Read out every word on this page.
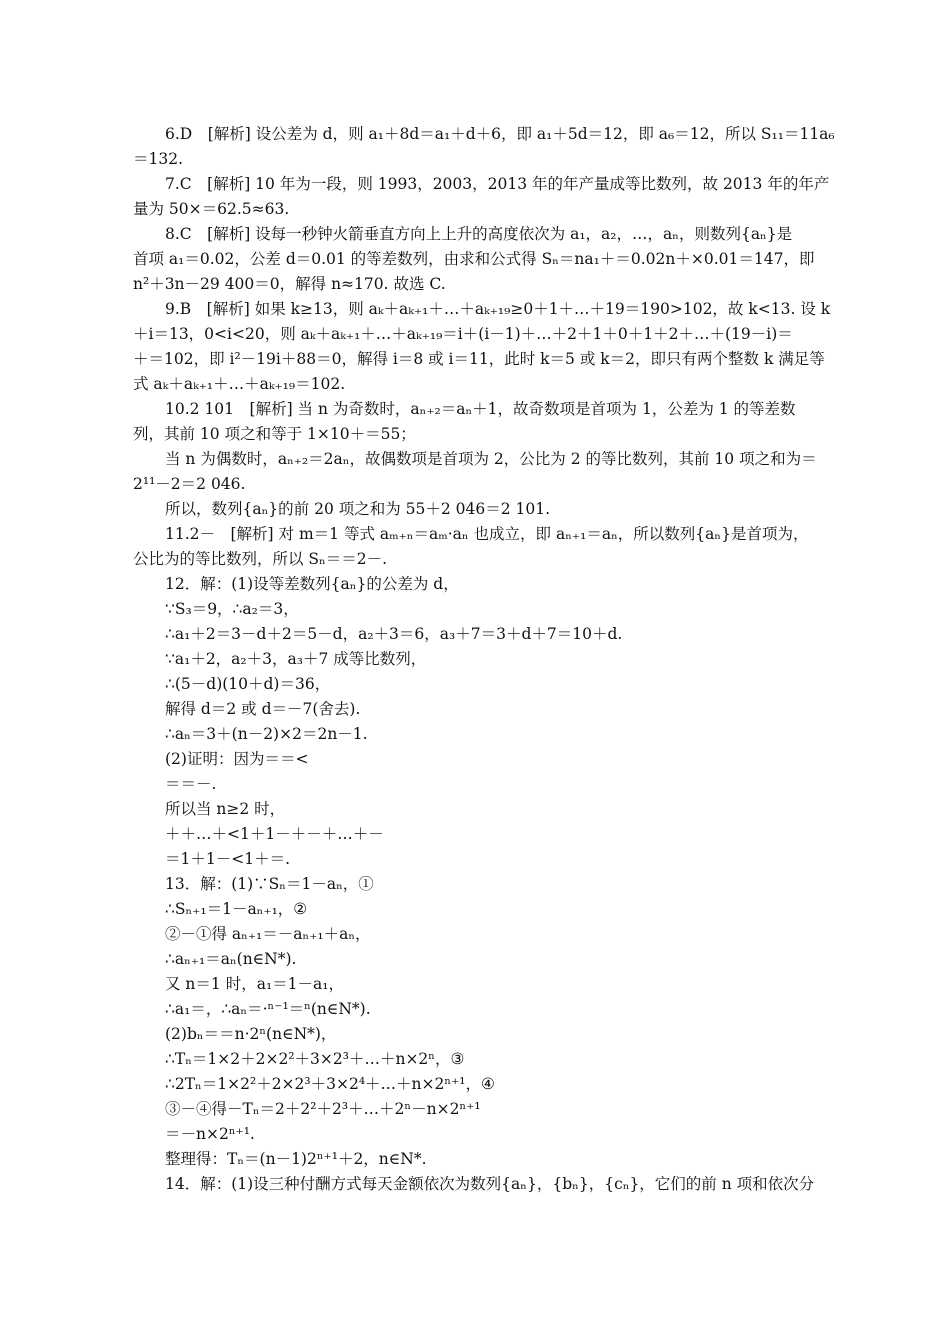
6.D　[解析] 设公差为 d，则 a₁＋8d＝a₁＋d＋6，即 a₁＋5d＝12，即 a₆＝12，所以 S₁₁＝11a₆
＝132.
7.C　[解析] 10 年为一段，则 1993，2003，2013 年的年产量成等比数列，故 2013 年的年产
量为 50×＝62.5≈63.
8.C　[解析] 设每一秒钟火箭垂直方向上上升的高度依次为 a₁，a₂，…，aₙ，则数列{aₙ}是
首项 a₁＝0.02，公差 d＝0.01 的等差数列，由求和公式得 Sₙ＝na₁＋＝0.02n＋×0.01＝147，即
n²＋3n－29 400＝0，解得 n≈170. 故选 C.
9.B　[解析] 如果 k≥13，则 aₖ＋aₖ₊₁＋…＋aₖ₊₁₉≥0＋1＋…＋19＝190>102，故 k<13. 设 k
＋i＝13，0<i<20，则 aₖ＋aₖ₊₁＋…＋aₖ₊₁₉＝i＋(i－1)＋…＋2＋1＋0＋1＋2＋…＋(19－i)＝
＋＝102，即 i²－19i＋88＝0，解得 i＝8 或 i＝11，此时 k＝5 或 k＝2，即只有两个整数 k 满足等
式 aₖ＋aₖ₊₁＋…＋aₖ₊₁₉＝102.
10.2 101　[解析] 当 n 为奇数时，aₙ₊₂＝aₙ＋1，故奇数项是首项为 1，公差为 1 的等差数
列，其前 10 项之和等于 1×10＋＝55；
当 n 为偶数时，aₙ₊₂＝2aₙ，故偶数项是首项为 2，公比为 2 的等比数列，其前 10 项之和为＝
2¹¹－2＝2 046.
所以，数列{aₙ}的前 20 项之和为 55＋2 046＝2 101.
11.2－　[解析] 对 m＝1 等式 aₘ₊ₙ＝aₘ·aₙ 也成立，即 aₙ₊₁＝aₙ，所以数列{aₙ}是首项为，
公比为的等比数列，所以 Sₙ＝＝2－.
12．解：(1)设等差数列{aₙ}的公差为 d，
∵S₃＝9，∴a₂＝3，
∴a₁＋2＝3－d＋2＝5－d，a₂＋3＝6，a₃＋7＝3＋d＋7＝10＋d.
∵a₁＋2，a₂＋3，a₃＋7 成等比数列，
∴(5－d)(10＋d)＝36，
解得 d＝2 或 d＝－7(舍去).
∴aₙ＝3＋(n－2)×2＝2n－1.
(2)证明：因为＝＝<
＝＝－.
所以当 n≥2 时，
＋＋…＋<1＋1－＋－＋…＋－
＝1＋1－<1＋＝.
13．解：(1)∵Sₙ＝1－aₙ，①
∴Sₙ₊₁＝1－aₙ₊₁，②
②－①得 aₙ₊₁＝－aₙ₊₁＋aₙ，
∴aₙ₊₁＝aₙ(n∈N*).
又 n＝1 时，a₁＝1－a₁，
∴a₁＝，∴aₙ＝·ⁿ⁻¹＝ⁿ(n∈N*).
(2)bₙ＝＝n·2ⁿ(n∈N*)，
∴Tₙ＝1×2＋2×2²＋3×2³＋…＋n×2ⁿ，③
∴2Tₙ＝1×2²＋2×2³＋3×2⁴＋…＋n×2ⁿ⁺¹，④
③－④得－Tₙ＝2＋2²＋2³＋…＋2ⁿ－n×2ⁿ⁺¹
＝－n×2ⁿ⁺¹.
整理得：Tₙ＝(n－1)2ⁿ⁺¹＋2，n∈N*.
14．解：(1)设三种付酬方式每天金额依次为数列{aₙ}，{bₙ}，{cₙ}，它们的前 n 项和依次分
